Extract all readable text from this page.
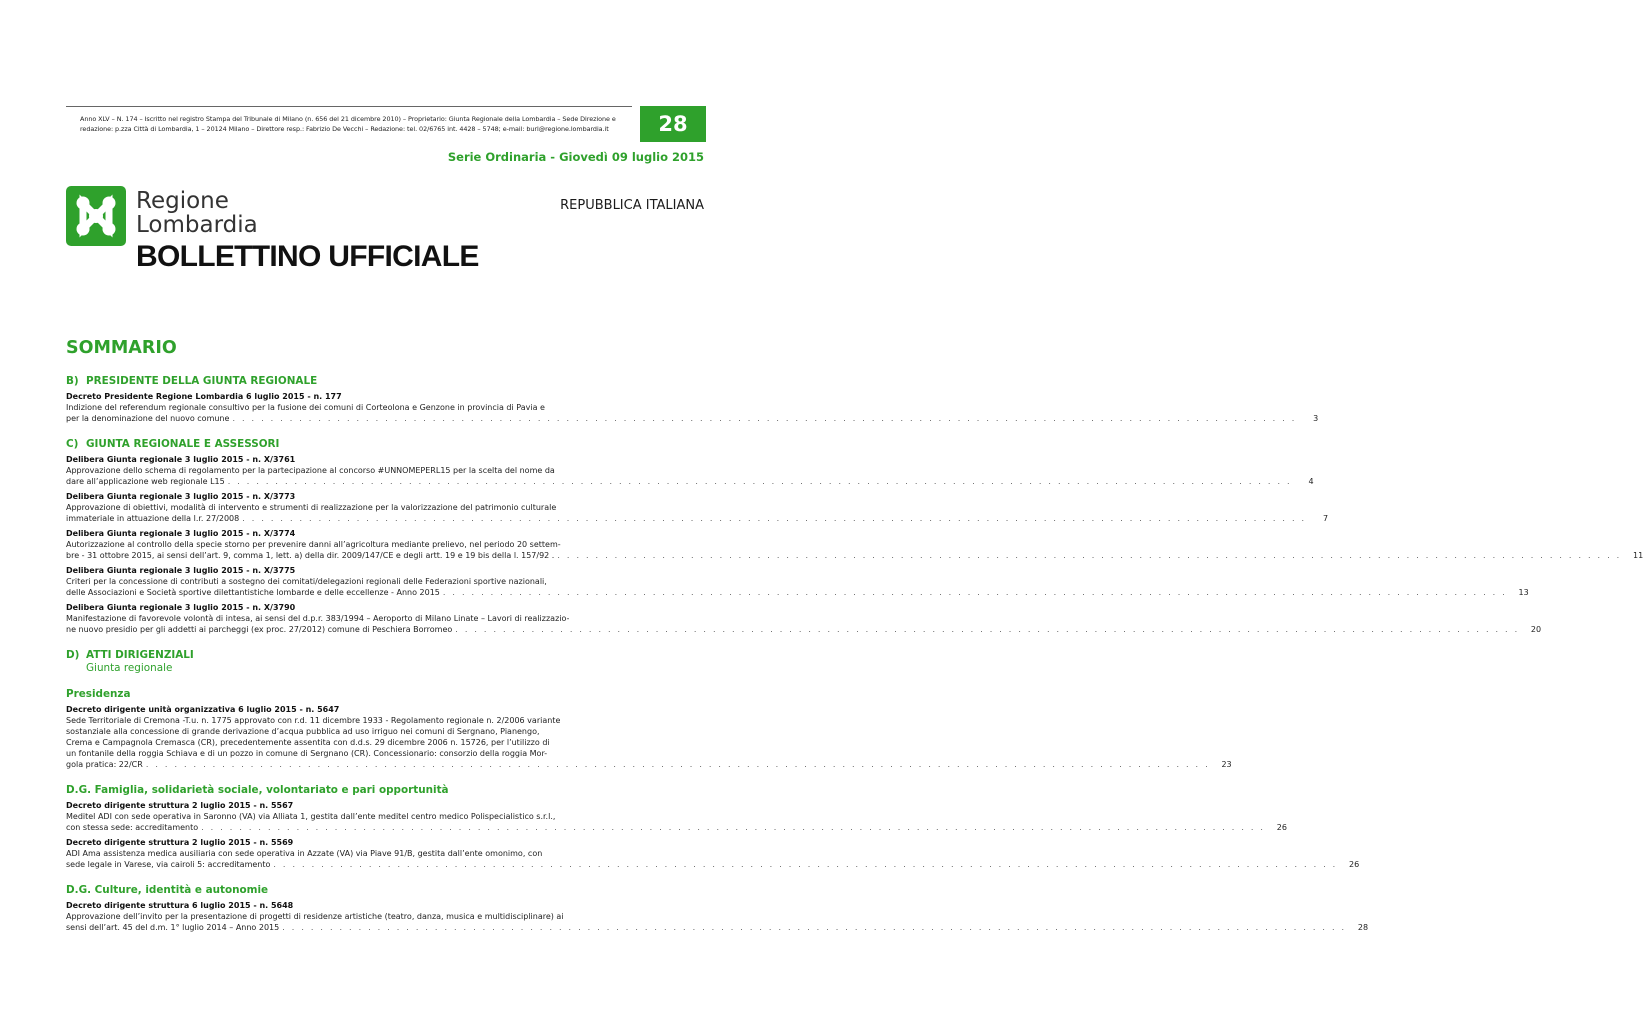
Anno XLV – N. 174 – Iscritto nel registro Stampa del Tribunale di Milano (n. 656 del 21 dicembre 2010) – Proprietario: Giunta Regionale della Lombardia – Sede Direzione e
redazione: p.zza Città di Lombardia, 1 – 20124 Milano – Direttore resp.: Fabrizio De Vecchi – Redazione: tel. 02/6765 int. 4428 – 5748; e-mail: burl@regione.lombardia.it	28
Serie Ordinaria - Giovedì 09 luglio 2015
Regione
Lombardia
REPUBBLICA ITALIANA
BOLLETTINO UFFICIALE
SOMMARIO
B) PRESIDENTE DELLA GIUNTA REGIONALE
Decreto Presidente Regione Lombardia 6 luglio 2015 - n. 177
Indizione del referendum regionale consultivo per la fusione dei comuni di Corteolona e Genzone in provincia di Pavia e
per la denominazione del nuovo comune ................................................................................................................	3
C) GIUNTA REGIONALE E ASSESSORI
Delibera Giunta regionale 3 luglio 2015 - n. X/3761
Approvazione dello schema di regolamento per la partecipazione al concorso #UNNOMEPERL15 per la scelta del nome da
dare all’applicazione web regionale L15 ................................................................................................................	4
Delibera Giunta regionale 3 luglio 2015 - n. X/3773
Approvazione di obiettivi, modalità di intervento e strumenti di realizzazione per la valorizzazione del patrimonio culturale
immateriale in attuazione della l.r. 27/2008 ................................................................................................................	7
Delibera Giunta regionale 3 luglio 2015 - n. X/3774
Autorizzazione al controllo della specie storno per prevenire danni all’agricoltura mediante prelievo, nel periodo 20 settem-
bre - 31 ottobre 2015, ai sensi dell’art. 9, comma 1, lett. a) della dir. 2009/147/CE e degli artt. 19 e 19 bis della l. 157/92 . ................................................................................................................ 11
Delibera Giunta regionale 3 luglio 2015 - n. X/3775
Criteri per la concessione di contributi a sostegno dei comitati/delegazioni regionali delle Federazioni sportive nazionali,
delle Associazioni e Società sportive dilettantistiche lombarde e delle eccellenze - Anno 2015 ................................................................................................................ 13
Delibera Giunta regionale 3 luglio 2015 - n. X/3790
Manifestazione di favorevole volontà di intesa, ai sensi del d.p.r. 383/1994 – Aeroporto di Milano Linate – Lavori di realizzazio-
ne nuovo presidio per gli addetti ai parcheggi (ex proc. 27/2012) comune di Peschiera Borromeo ................................................................................................................ 20
D) ATTI DIRIGENZIALI
Giunta regionale
Presidenza
Decreto dirigente unità organizzativa 6 luglio 2015 - n. 5647
Sede Territoriale di Cremona -T.u. n. 1775 approvato con r.d. 11 dicembre 1933 - Regolamento regionale n. 2/2006 variante
sostanziale alla concessione di grande derivazione d’acqua pubblica ad uso irriguo nei comuni di Sergnano, Pianengo,
Crema e Campagnola Cremasca (CR), precedentemente assentita con d.d.s. 29 dicembre 2006 n. 15726, per l’utilizzo di
un fontanile della roggia Schiava e di un pozzo in comune di Sergnano (CR). Concessionario: consorzio della roggia Mor-
gola pratica: 22/CR ................................................................................................................ 23
D.G. Famiglia, solidarietà sociale, volontariato e pari opportunità
Decreto dirigente struttura 2 luglio 2015 - n. 5567
Meditel ADI con sede operativa in Saronno (VA) via Alliata 1, gestita dall’ente meditel centro medico Polispecialistico s.r.l.,
con stessa sede: accreditamento ................................................................................................................ 26
Decreto dirigente struttura 2 luglio 2015 - n. 5569
ADI Ama assistenza medica ausiliaria con sede operativa in Azzate (VA) via Piave 91/B, gestita dall’ente omonimo, con
sede legale in Varese, via cairoli 5: accreditamento ................................................................................................................ 26
D.G. Culture, identità e autonomie
Decreto dirigente struttura 6 luglio 2015 - n. 5648
Approvazione dell’invito per la presentazione di progetti di residenze artistiche (teatro, danza, musica e multidisciplinare) ai
sensi dell’art. 45 del d.m. 1° luglio 2014 – Anno 2015 ................................................................................................................ 28
